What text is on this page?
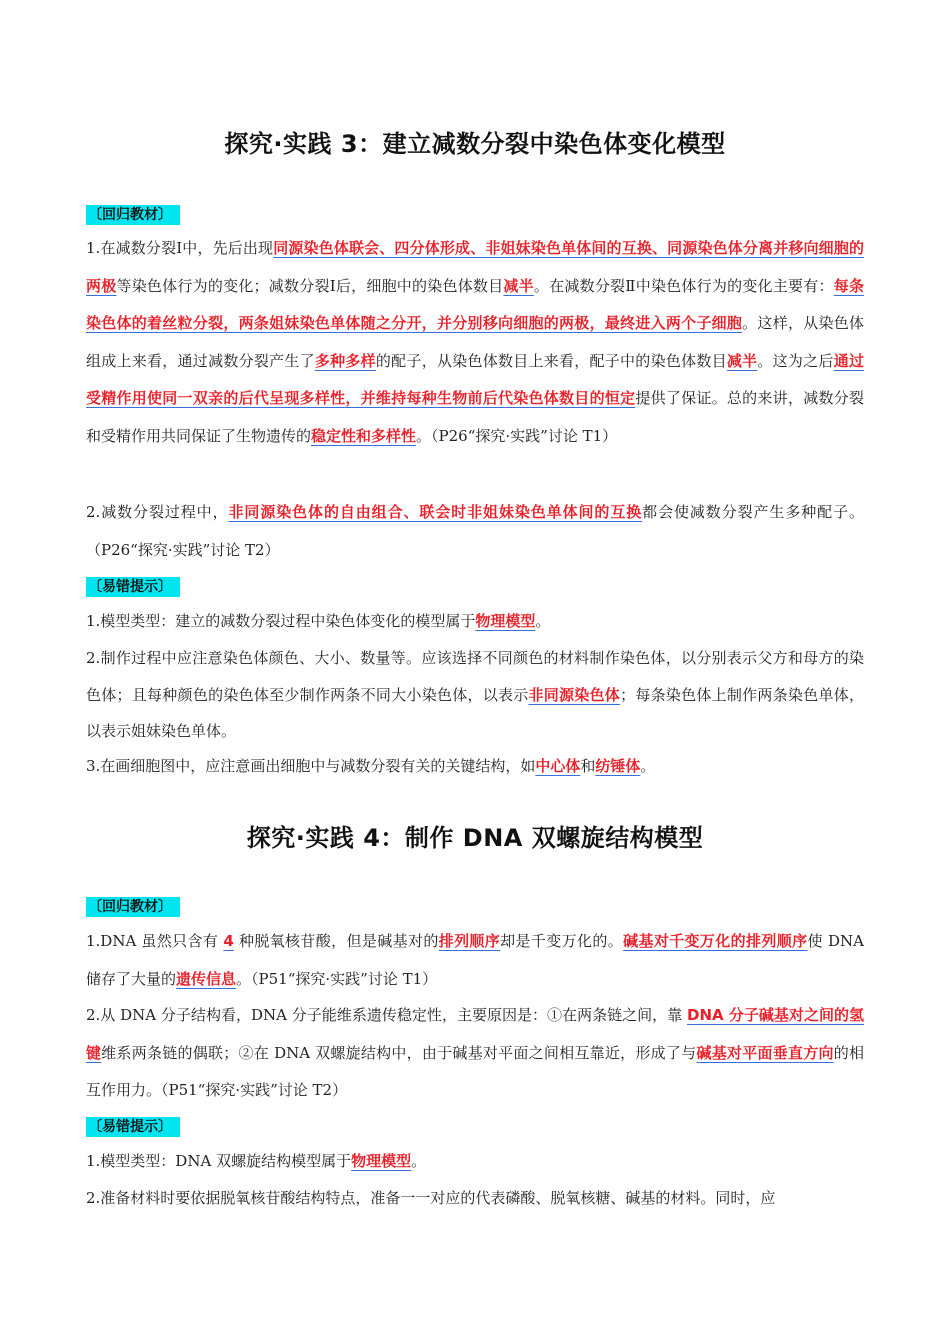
探究·实践 3：建立减数分裂中染色体变化模型
〔回归教材〕
1.在减数分裂Ⅰ中，先后出现同源染色体联会、四分体形成、非姐妹染色单体间的互换、同源染色体分离并移向细胞的两极等染色体行为的变化；减数分裂Ⅰ后，细胞中的染色体数目减半。在减数分裂Ⅱ中染色体行为的变化主要有：每条染色体的着丝粒分裂，两条姐妹染色单体随之分开，并分别移向细胞的两极，最终进入两个子细胞。这样，从染色体组成上来看，通过减数分裂产生了多种多样的配子，从染色体数目上来看，配子中的染色体数目减半。这为之后通过受精作用使同一双亲的后代呈现多样性，并维持每种生物前后代染色体数目的恒定提供了保证。总的来讲，减数分裂和受精作用共同保证了生物遗传的稳定性和多样性。（P26“探究·实践”讨论 T1）
2.减数分裂过程中，非同源染色体的自由组合、联会时非姐妹染色单体间的互换都会使减数分裂产生多种配子。（P26“探究·实践”讨论 T2）
〔易错提示〕
1.模型类型：建立的减数分裂过程中染色体变化的模型属于物理模型。
2.制作过程中应注意染色体颜色、大小、数量等。应该选择不同颜色的材料制作染色体，以分别表示父方和母方的染色体；且每种颜色的染色体至少制作两条不同大小染色体，以表示非同源染色体；每条染色体上制作两条染色单体，以表示姐妹染色单体。
3.在画细胞图中，应注意画出细胞中与减数分裂有关的关键结构，如中心体和纺锤体。
探究·实践 4：制作 DNA 双螺旋结构模型
〔回归教材〕
1.DNA 虽然只含有 4 种脱氧核苷酸，但是碱基对的排列顺序却是千变万化的。碱基对千变万化的排列顺序使 DNA 储存了大量的遗传信息。（P51“探究·实践”讨论 T1）
2.从 DNA 分子结构看，DNA 分子能维系遗传稳定性，主要原因是：①在两条链之间，靠 DNA 分子碱基对之间的氢键维系两条链的偶联；②在 DNA 双螺旋结构中，由于碱基对平面之间相互靠近，形成了与碱基对平面垂直方向的相互作用力。（P51“探究·实践”讨论 T2）
〔易错提示〕
1.模型类型：DNA 双螺旋结构模型属于物理模型。
2.准备材料时要依据脱氧核苷酸结构特点，准备一一对应的代表磷酸、脱氧核糖、碱基的材料。同时，应
